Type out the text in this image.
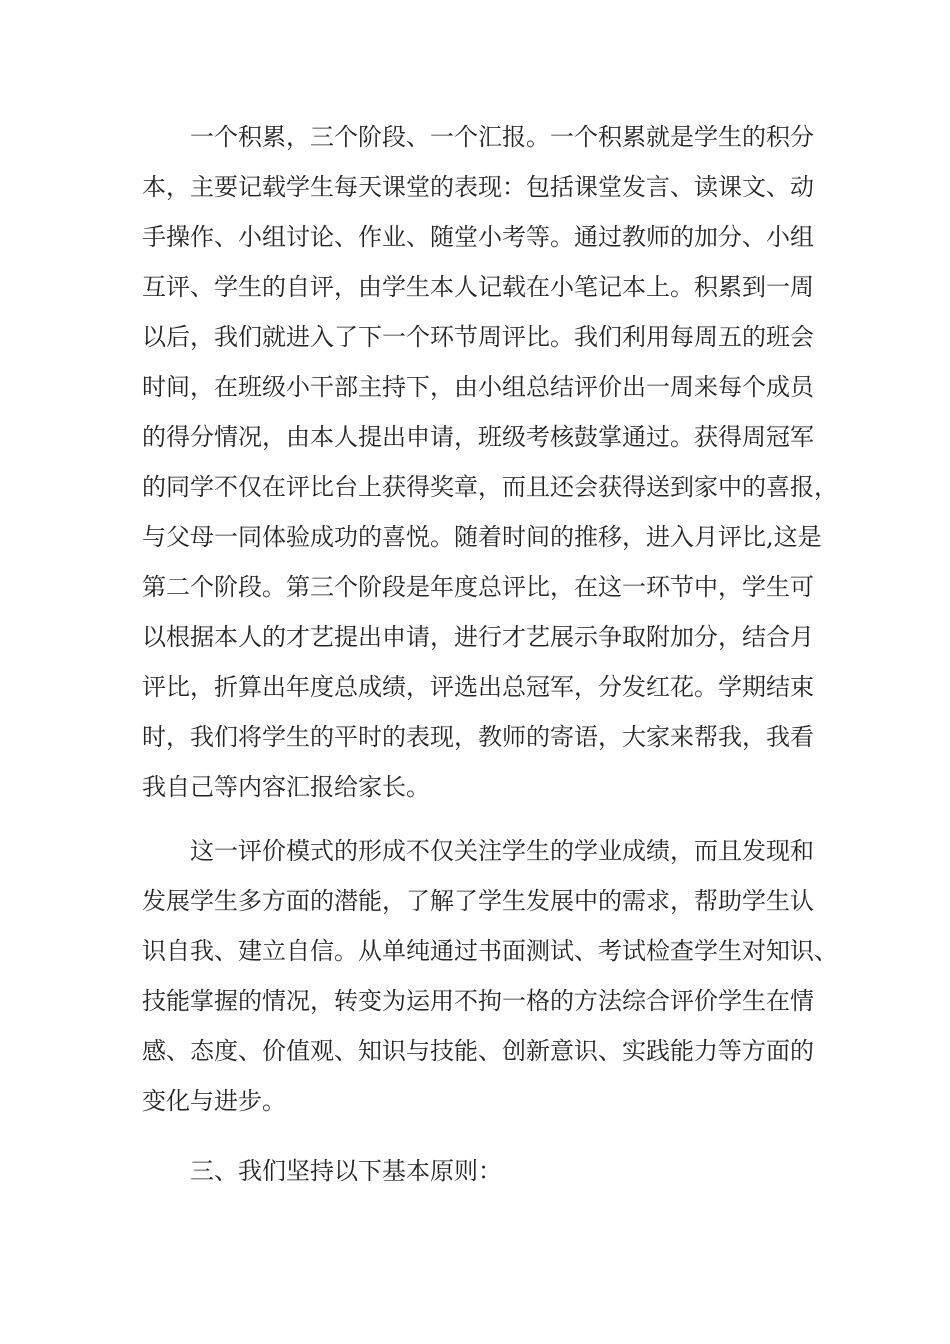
一个积累，三个阶段、一个汇报。一个积累就是学生的积分

本，主要记载学生每天课堂的表现：包括课堂发言、读课文、动

手操作、小组讨论、作业、随堂小考等。通过教师的加分、小组

互评、学生的自评，由学生本人记载在小笔记本上。积累到一周

以后，我们就进入了下一个环节周评比。我们利用每周五的班会

时间，在班级小干部主持下，由小组总结评价出一周来每个成员

的得分情况，由本人提出申请，班级考核鼓掌通过。获得周冠军

的同学不仅在评比台上获得奖章，而且还会获得送到家中的喜报，

与父母一同体验成功的喜悦。随着时间的推移，进入月评比,这是

第二个阶段。第三个阶段是年度总评比，在这一环节中，学生可

以根据本人的才艺提出申请，进行才艺展示争取附加分，结合月

评比，折算出年度总成绩，评选出总冠军，分发红花。学期结束

时，我们将学生的平时的表现，教师的寄语，大家来帮我，我看

我自己等内容汇报给家长。

这一评价模式的形成不仅关注学生的学业成绩，而且发现和

发展学生多方面的潜能，了解了学生发展中的需求，帮助学生认

识自我、建立自信。从单纯通过书面测试、考试检查学生对知识、

技能掌握的情况，转变为运用不拘一格的方法综合评价学生在情

感、态度、价值观、知识与技能、创新意识、实践能力等方面的

变化与进步。

三、我们坚持以下基本原则：
